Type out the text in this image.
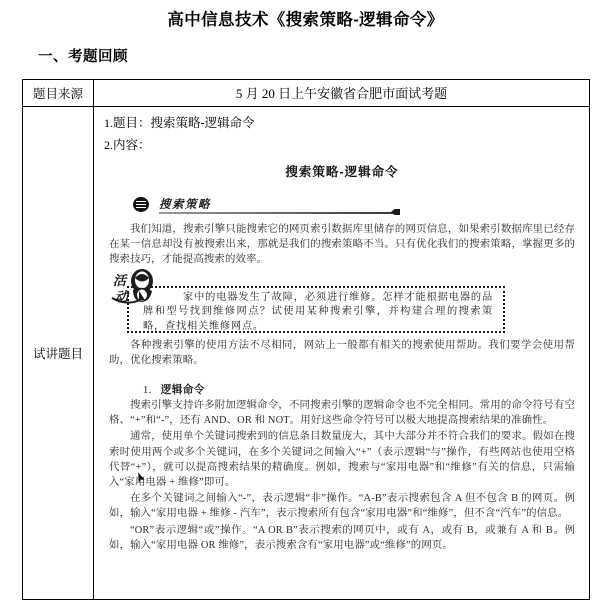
高中信息技术《搜索策略-逻辑命令》
一、考题回顾
题目来源	5 月 20 日上午安徽省合肥市面试考题
试讲题目	
1.题目：搜索策略-逻辑命令
2.内容：
搜索策略-逻辑命令
搜索策略

我们知道，搜索引擎只能搜索它的网页索引数据库里储存的网页信息，如果索引数据库里已经存在某一信息却没有被搜索出来，那就是我们的搜索策略不当。只有优化我们的搜索策略，掌握更多的搜索技巧，才能提高搜索的效率。

活
动	家中的电器发生了故障，必须进行维修。怎样才能根据电器的品牌和型号找到维修网点？试使用某种搜索引擎，并构建合理的搜索策略，查找相关维修网点。

各种搜索引擎的使用方法不尽相同，网站上一般都有相关的搜索使用帮助。我们要学会使用帮助，优化搜索策略。

1. 逻辑命令

搜索引擎支持许多附加逻辑命令，不同搜索引擎的逻辑命令也不完全相同。常用的命令符号有空格、“+”和“-”，还有 AND、OR 和 NOT。用好这些命令符号可以极大地提高搜索结果的准确性。

通常，使用单个关键词搜索到的信息条目数量庞大，其中大部分并不符合我们的要求。假如在搜索时使用两个或多个关键词，在多个关键词之间输入“+”（表示逻辑“与”操作，有些网站也使用空格代替“+”），就可以提高搜索结果的精确度。例如，搜索与“家用电器”和“维修”有关的信息，只需输入“家用电器 + 维修”即可。

在多个关键词之间输入“-”，表示逻辑“非”操作。“A-B”表示搜索包含 A 但不包含 B 的网页。例如，输入“家用电器 + 维修 - 汽车”，表示搜索所有包含“家用电器”和“维修”，但不含“汽车”的信息。

“OR”表示逻辑“或”操作。“A OR B”表示搜索的网页中，或有 A，或有 B，或兼有 A 和 B。例如，输入“家用电器 OR 维修”，表示搜索含有“家用电器”或“维修”的网页。
